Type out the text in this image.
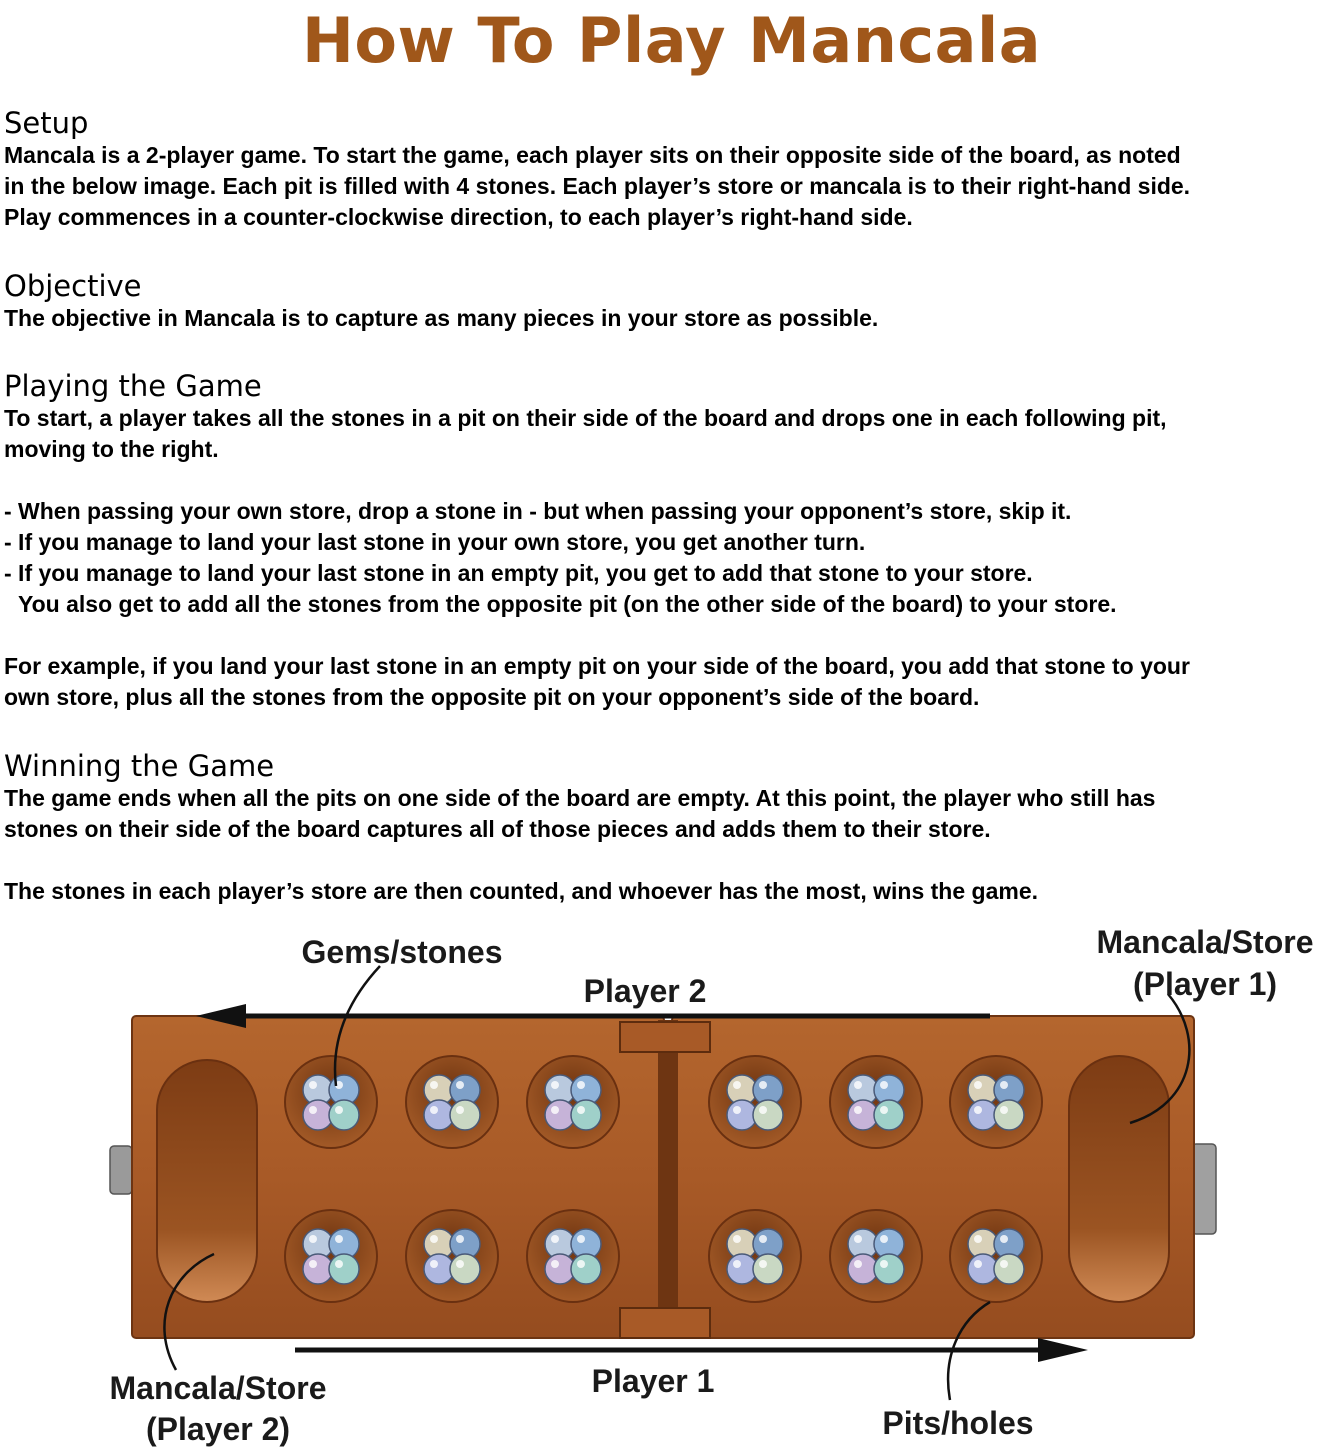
How To Play Mancala
Setup

Mancala is a 2-player game. To start the game, each player sits on their opposite side of the board, as noted

in the below image. Each pit is filled with 4 stones. Each player’s store or mancala is to their right-hand side.

Play commences in a counter-clockwise direction, to each player’s right-hand side.

Objective

The objective in Mancala is to capture as many pieces in your store as possible.

Playing the Game

To start, a player takes all the stones in a pit on their side of the board and drops one in each following pit,

moving to the right.

- When passing your own store, drop a stone in - but when passing your opponent’s store, skip it.

- If you manage to land your last stone in your own store, you get another turn.

- If you manage to land your last stone in an empty pit, you get to add that stone to your store.

You also get to add all the stones from the opposite pit (on the other side of the board) to your store.

For example, if you land your last stone in an empty pit on your side of the board, you add that stone to your

own store, plus all the stones from the opposite pit on your opponent’s side of the board.

Winning the Game

The game ends when all the pits on one side of the board are empty. At this point, the player who still has

stones on their side of the board captures all of those pieces and adds them to their store.

The stones in each player’s store are then counted, and whoever has the most, wins the game.

Gems/stones
Player 2
Mancala/Store
(Player 1)
Player 1
Mancala/Store
(Player 2)	Pits/holes
